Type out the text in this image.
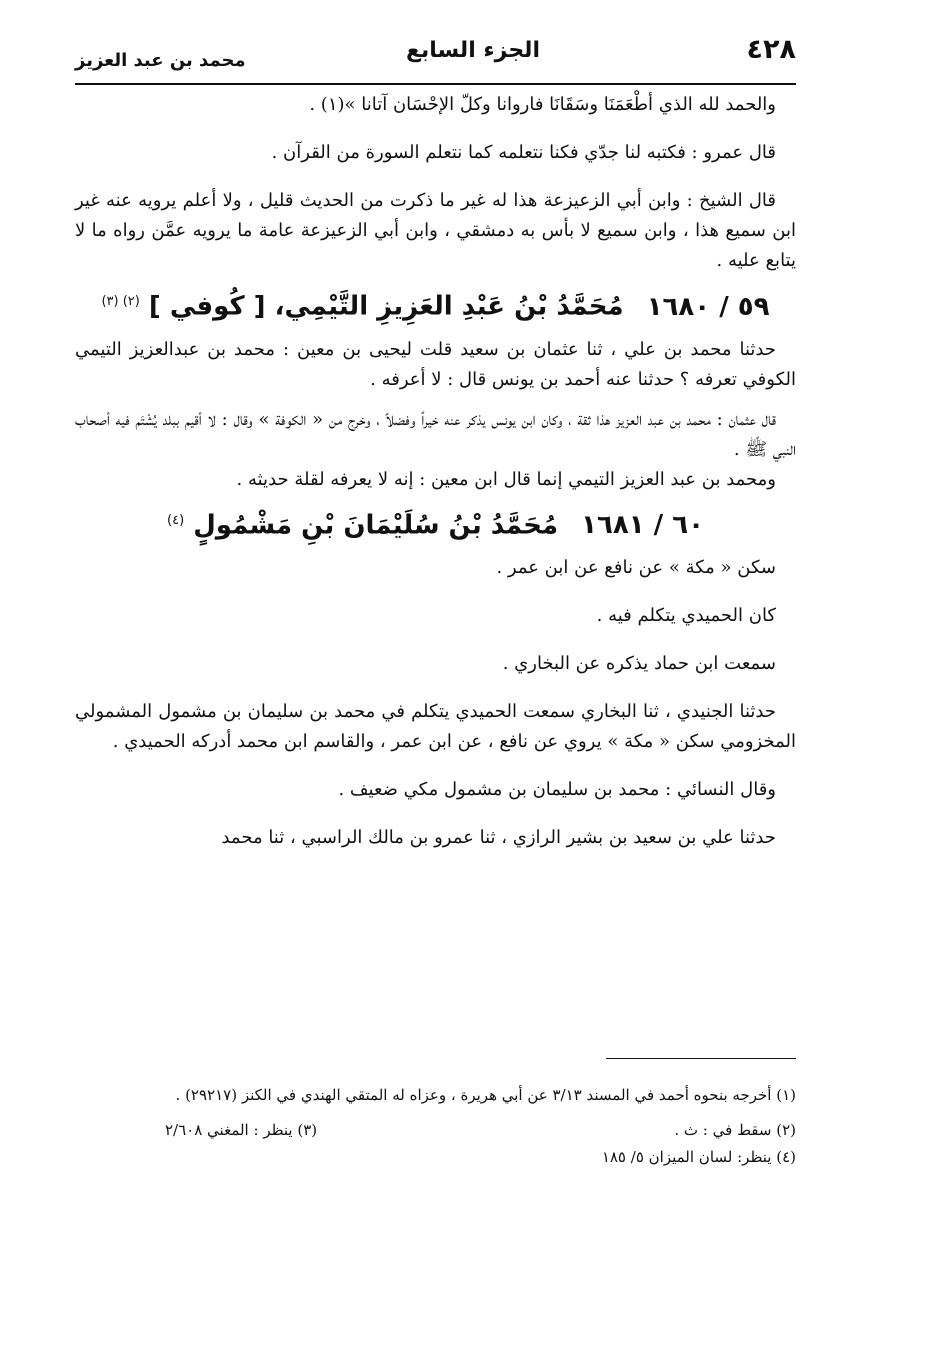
٤٢٨
الجزء السابع
محمد بن عبد العزيز

والحمد لله الذي أطْعَمَنَا وسَقَانَا فاروانا وكلّ الإحْسَان آتانا »(١) .

قال عمرو : فكتبه لنا جدّي فكنا نتعلمه كما نتعلم السورة من القرآن .

قال الشيخ : وابن أبي الزعيزعة هذا له غير ما ذكرت من الحديث قليل ، ولا أعلم يرويه عنه غير ابن سميع هذا ، وابن سميع لا بأس به دمشقي ، وابن أبي الزعيزعة عامة ما يرويه عمَّن رواه ما لا يتابع عليه .

٥٩ / ١٦٨٠ مُحَمَّدُ بْنُ عَبْدِ العَزِيزِ التَّيْمِي، [ كُوفي ] $^{(٢) (٣)}$

حدثنا محمد بن علي ، ثنا عثمان بن سعيد قلت ليحيى بن معين : محمد بن عبدالعزيز التيمي الكوفي تعرفه ؟ حدثنا عنه أحمد بن يونس قال : لا أعرفه .

قال عثمان : محمد بن عبد العزيز هذا ثقة ، وكان ابن يونس يذكر عنه خيراً وفضلاً ، وخرج من « الكوفة » وقال : لا أقيم ببلد يُشْتَم فيه أصحاب النبي ﷺ .

ومحمد بن عبد العزيز التيمي إنما قال ابن معين : إنه لا يعرفه لقلة حديثه .

٦٠ / ١٦٨١ مُحَمَّدُ بْنُ سُلَيْمَانَ بْنِ مَشْمُولٍ $^{(٤)}$

سكن « مكة » عن نافع عن ابن عمر .

كان الحميدي يتكلم فيه .

سمعت ابن حماد يذكره عن البخاري .

حدثنا الجنيدي ، ثنا البخاري سمعت الحميدي يتكلم في محمد بن سليمان بن مشمول المشمولي المخزومي سكن « مكة » يروي عن نافع ، عن ابن عمر ، والقاسم ابن محمد أدركه الحميدي .

وقال النسائي : محمد بن سليمان بن مشمول مكي ضعيف .

حدثنا علي بن سعيد بن بشير الرازي ، ثنا عمرو بن مالك الراسبي ، ثنا محمد

(١) أخرجه بنحوه أحمد في المسند ٣/١٣ عن أبي هريرة ، وعزاه له المتقي الهندي في الكنز (٢٩٢١٧) .

(٢) سقط في : ث .
(٣) ينظر : المغني ٢/٦٠٨

(٤) ينظر: لسان الميزان ٥/ ١٨٥
